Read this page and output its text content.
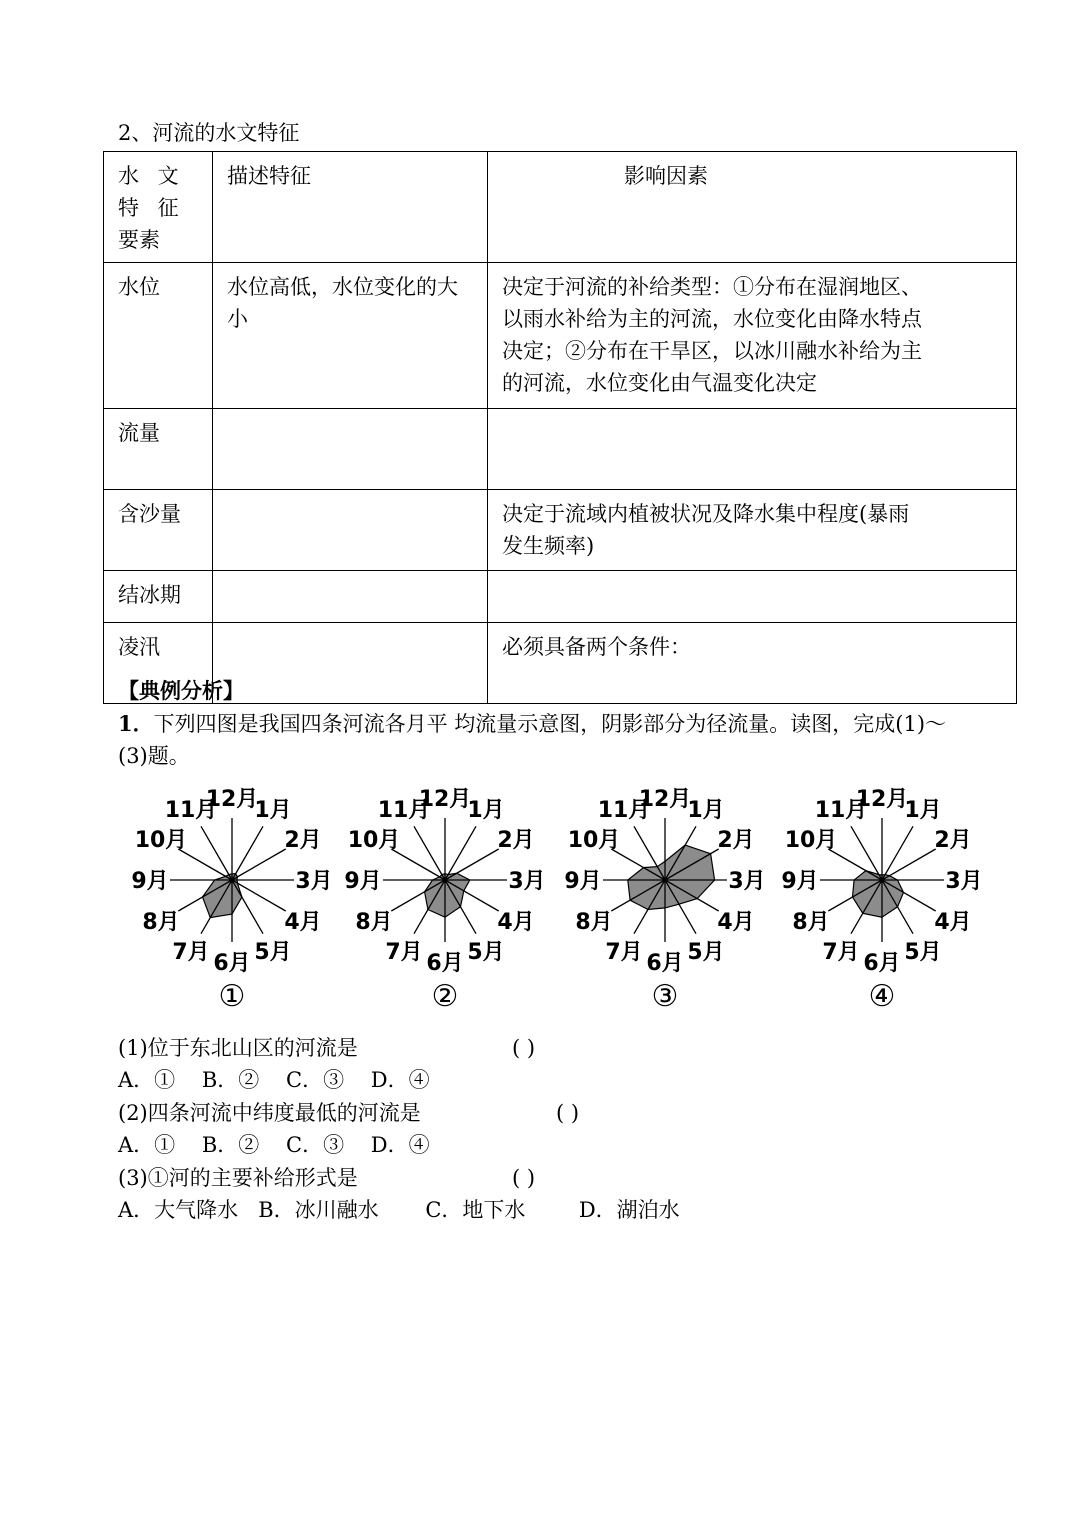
2、河流的水文特征
水 文 特 征
要素	描述特征	影响因素
水位	水位高低，水位变化的大小	决定于河流的补给类型：①分布在湿润地区、
以雨水补给为主的河流，水位变化由降水特点
决定；②分布在干旱区，以冰川融水补给为主
的河流，水位变化由气温变化决定

流量		
含沙量		决定于流域内植被状况及降水集中程度(暴雨
发生频率)

结冰期		
凌汛		必须具备两个条件：
【典例分析】
1．下列四图是我国四条河流各月平 均流量示意图，阴影部分为径流量。读图，完成(1)～
(3)题。
1月
2月
3月
4月
5月
6月
7月
8月
9月
10月
11月
12月
①
1月
2月
3月
4月
5月
6月
7月
8月
9月
10月
11月
12月
②
1月
2月
3月
4月
5月
6月
7月
8月
9月
10月
11月
12月
③
1月
2月
3月
4月
5月
6月
7月
8月
9月
10月
11月
12月
④
(1)位于东北山区的河流是	( )
A．①    B．②    C．③    D．④
(2)四条河流中纬度最低的河流是	( )
A．①    B．②    C．③    D．④
(3)①河的主要补给形式是	( )
A．大气降水   B．冰川融水       C．地下水        D．湖泊水
